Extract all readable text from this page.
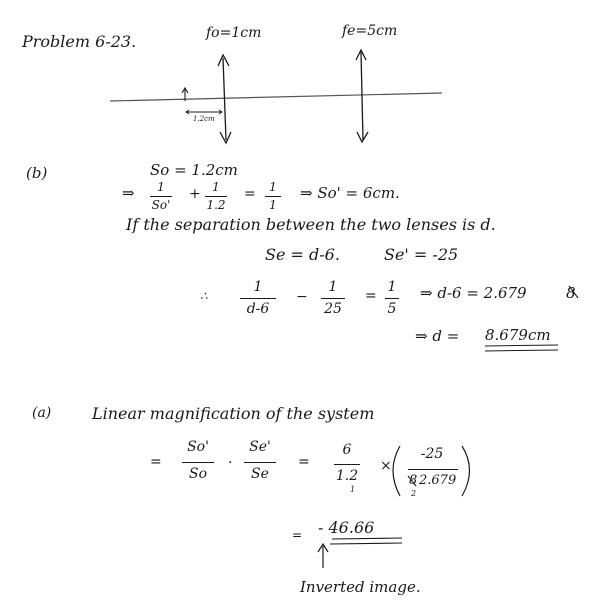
Problem 6-23.	fo=1cm	fe=5cm
1.2cm
(b)	So = 1.2cm
⇒	1
So'
+ 1
1.2
=	1
1
⇒ So' = 6cm.
If the separation between the two lenses is d.
Se = d-6.	Se' = -25
∴
1
d-6
−
1
25
=
1
5
⇒ d-6 = 2.679	8
⇒ d = 8.679cm
(a)	Linear magnification of the system
=
So'
So
·
Se'
Se
=
6
1.2
1
×
-25
8 2.679
2
= - 46.66
Inverted image.
